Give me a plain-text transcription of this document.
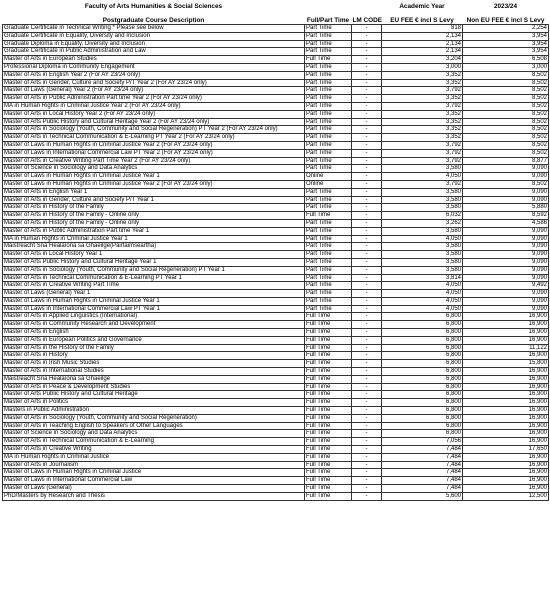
Faculty of Arts Humanities & Social Sciences			Academic Year	2023/24
Postgraduate Course Description	Full/Part Time	LM CODE	EU FEE € incl S Levy	Non EU FEE € incl S Levy
Graduate Certificate in Technical Writing * Please see below	Part Time	-	818	2,254
Graduate Certificate in Equality, Diversity and Inclusion	Part Time	-	2,134	3,954
Graduate Diploma in Equality, Diversity and Inclusion	Part Time	-	2,134	3,954
Graduate Certificate in Public Administration and Law	Part Time	-	2,134	3,954
Master of Arts in European Studies	Full Time	-	3,204	6,508
Professional Diploma in Community Engagement	Part Time	-	3,000	3,000
Master of Arts in English Year 2 (For AY 23/24 only)	Part Time	-	3,352	8,502
Master of Arts in Gender, Culture and Society P/T Year 2 (For AY 23/24 only)	Part Time	-	3,352	8,502
Master of Laws (General) Year 2 (For AY 23/24 only)	Part Time	-	3,792	8,502
Master of Arts in Public Administration Part time Year 2 (For AY 23/24 only)	Part Time	-	3,352	8,502
MA in Human Rights in Criminal Justice Year 2 (For AY 23/24 only)	Part Time	-	3,792	8,502
Master of Arts in Local History Year 2 (For AY 23/24 only)	Part Time	-	3,352	8,502
Master of Arts Public History and Cultural Heritage Year 2 (For AY 23/24 only)	Part Time	-	3,352	8,502
Master of Arts in Sociology (Youth, Community and Social Regeneration) PT Year 2 (For AY 23/24 only)	Part Time	-	3,352	8,502
Master of Arts in Technical Communication & E-Learning PT Year 2 (For AY 23/24 only)	Part Time	-	3,352	8,502
Master of Laws in Human Rights in Criminal Justice Year 2 (For AY 23/24 only)	Part Time	-	3,792	8,502
Master of Laws in International Commercial Law PT Year 2 (For AY 23/24 only)	Part Time	-	3,792	8,502
Master of Arts in Creative Writing Part Time Year 2 (For AY 23/24 only)	Part Time	-	3,792	8,877
Master of Science in Sociology and Data Analytics	Part Time	-	3,580	9,090
Master of Laws in Human Rights in Criminal Justice Year 1	Online	-	4,050	9,090
Master of Laws in Human Rights in Criminal Justice Year 2 (For AY 23/24 only)	Online	-	3,792	8,502
Master of Arts in English Year 1	Part Time	-	3,580	9,090
Master of Arts in Gender, Culture and Society P/T Year 1	Part Time	-	3,580	9,090
Master of Arts in History of the Family	Part Time	-	3,580	5,880
Master of Arts in History of the Family - Online only	Full Time	-	6,032	8,592
Master of Arts in History of the Family - Online only	Part Time	-	3,262	4,586
Master of Arts in Public Administration Part time Year 1	Part Time	-	3,580	9,090
MA in Human Rights in Criminal Justice Year 1	Part Time	-	4,050	9,090
Máistreacht Sna Healaíona sa Ghaeilge(Páirtaimseartha)	Part Time	-	3,580	9,090
Master of Arts in Local History Year 1	Part Time	-	3,580	9,090
Master of Arts Public History and Cultural Heritage Year 1	Part Time	-	3,580	9,090
Master of Arts in Sociology (Youth, Community and Social Regeneration) PT Year 1	Part Time	-	3,580	9,090
Master of Arts in Technical Communication & E-Learning PT Year 1	Part Time	-	3,814	9,090
Master of Arts in Creative Writing Part Time	Part Time	-	4,050	9,492
Master of Laws (General) Year 1	Part Time	-	4,050	9,090
Master of Laws in Human Rights in Criminal Justice Year 1	Part Time	-	4,050	9,090
Master of Laws in International Commercial Law PT Year 1	Part Time	-	4,050	9,090
Master of Arts in Applied Linguistics (International)	Full Time	-	6,800	16,900
Master of Arts in Community Research and Development	Full Time	-	6,800	16,900
Master of Arts in English	Full Time	-	6,800	16,900
Master of Arts in European Politics and Governance	Full Time	-	6,800	16,900
Master of Arts in the History of the Family	Full Time	-	6,800	11,122
Master of Arts in History	Full Time	-	6,800	16,900
Master of Arts in Irish Music Studies	Full Time	-	6,800	15,800
Master of Arts in International Studies	Full Time	-	6,800	16,900
Máistreacht Sna Healaíona sa Ghaeilge	Full Time	-	6,800	16,900
Master of Arts in Peace & Development Studies	Full Time	-	6,800	16,900
Master of Arts Public History and Cultural Heritage	Full Time	-	6,800	16,900
Master of Arts in Politics	Full Time	-	6,800	16,900
Masters in Public Administration	Full Time	-	6,800	16,900
Master of Arts in Sociology (Youth, Community and Social Regeneration)	Full Time	-	6,800	16,900
Master of Arts in Teaching English to Speakers of Other Languages	Full Time	-	6,800	16,900
Master of Science in Sociology and Data Analytics	Full Time	-	6,800	16,900
Master of Arts in Technical Communication & E-Learning	Full Time	-	7,056	16,900
Master of Arts in Creative Writing	Full Time	-	7,484	17,650
MA in Human Rights in Criminal Justice	Full Time	-	7,484	16,900
Master of Arts in Journalism	Full Time	-	7,484	16,900
Master of Laws in Human Rights in Criminal Justice	Full Time	-	7,484	16,900
Master of Laws in International Commercial Law	Full Time	-	7,484	16,900
Master of Laws (General)	Full Time	-	7,484	16,900
PhD/Masters by Research and Thesis	Full Time	-	5,600	12,500
